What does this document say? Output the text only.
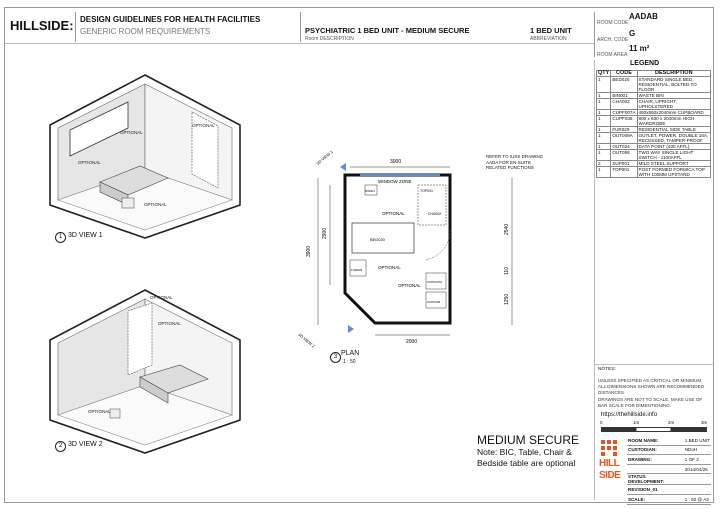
HILLSIDE: DESIGN GUIDELINES FOR HEALTH FACILITIES
GENERIC ROOM REQUIREMENTS	PSYCHIATRIC 1 BED UNIT - MEDIUM SECURE
Room DESCRIPTION
1 BED UNIT
ABBREVIATION
ROOM CODE
AADAB
ARCH. CODE
G
ROOM AREA
11 m²
LEGEND
QTY	CODE	DESCRIPTION
1	BED020	STANDARD SINGLE BED, RESIDENTIAL, BOLTED TO FLOOR
1	BIN001	WASTE BIN
1	CHA002	CHAIR, UPRIGHT, UPHOLSTERED
1	CUPF007A	450x560x2040mm CUPBOARD
1	CUPF036	800 x 600 x 2040mm HIGH WARDROBE
1	FUR029	RESIDENTIAL SIDE TABLE
1	OUT009A	OUTLET, POWER, DOUBLE 16A, RECESSED, TAMPER-PROOF
1	OUT024	DATA POINT (400 AFFL)
1	OUT058	TWO WAY SINGLE LIGHT SWITCH - 1100AFFL
2	SUP001	MILD STEEL SUPPORT
1	TOP001	POST FORMED FORMICA TOP WITH 100MM UPSTAND
OPTIONAL
OPTIONAL
OPTIONAL
OPTIONAL
1 3D VIEW 1
OPTIONAL
OPTIONAL
OPTIONAL
2 3D VIEW 2
3000
2000
3900
2900	2540
110
1250
WINDOW ZONE
BED020
BIN001	TOP001
CHA002
FUR029
CUPF007A
CUPF036
OPTIONAL
OPTIONAL
OPTIONAL
3D VIEW 1
3D VIEW 2
REFER TO IUSS DRAWING AADA FOR EN-SUITE RELATED FUNCTIONS
3 PLAN
1 : 50
MEDIUM SECURE
Note: BIC, Table, Chair &
Bedside table are optional
NOTES:
UNLESS SPECIFIED AS CRITICAL OR MINIMUM, ALL DIMENSIONS SHOWN ARE RECOMMENDED DISTANCES.
DRAWINGS ARE NOT TO SCALE, MAKE USE OF BAR SCALE FOR DIMENTIONING.
https://thehillside.info
0	1m	2m	3m
HILL
SIDE
ROOM NAME:	1 BED UNIT
CUSTODIAN:	NDoH
DRAWING:	1 OF 2
	2014/04/25
STATUS DEVELOPMENT:	
REVISION_01	
SCALE:	1 : 50 @ A3
